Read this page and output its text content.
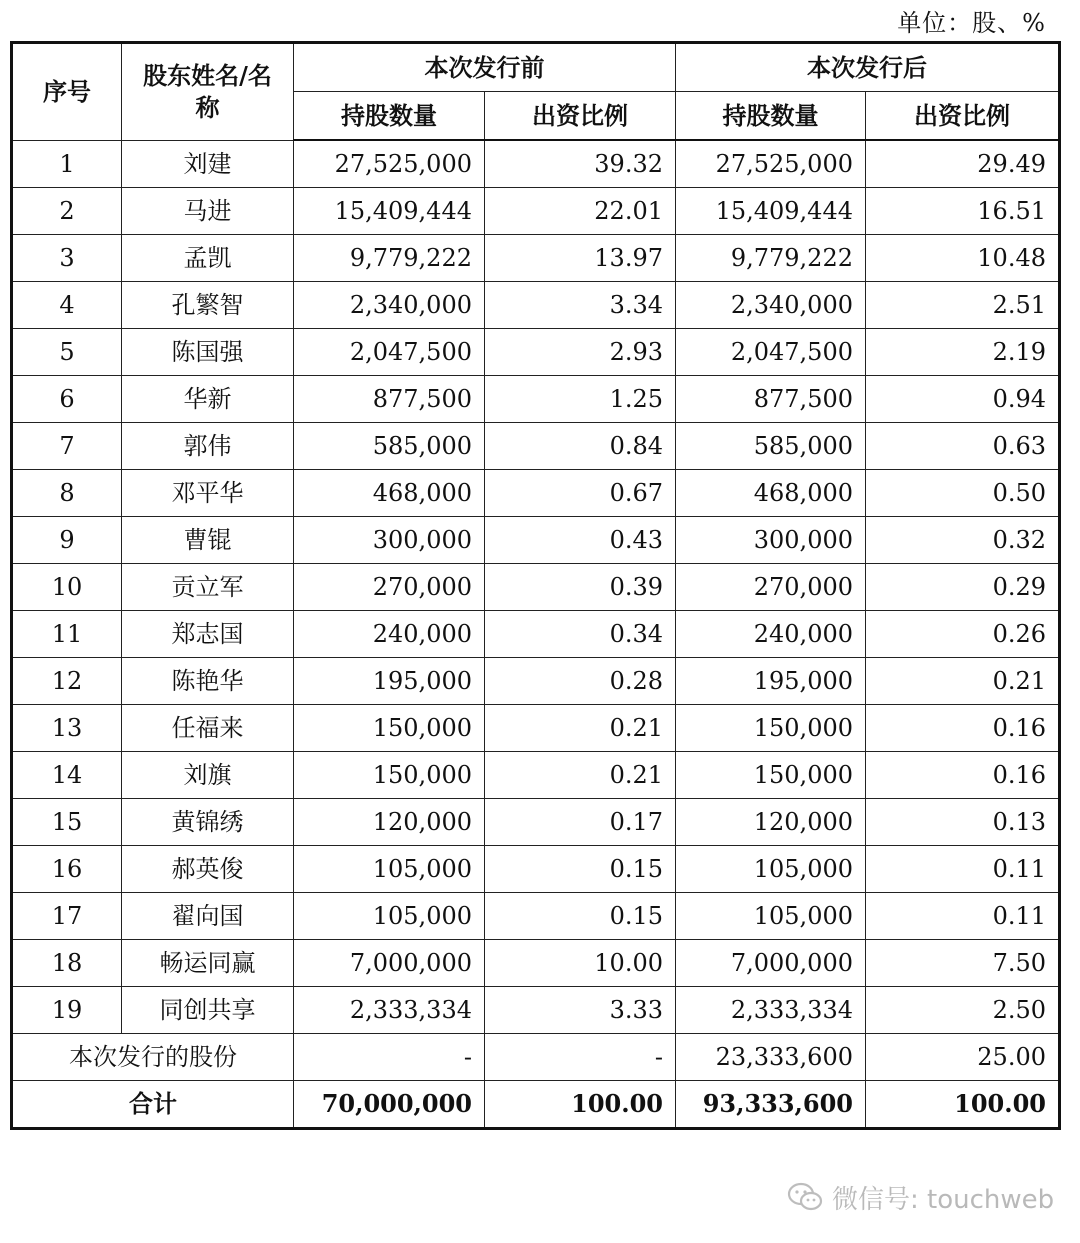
单位：股、%
序号	股东姓名/名称	本次发行前		本次发行后	
		持股数量	出资比例	持股数量	出资比例
1	刘建	27,525,000	39.32	27,525,000	29.49
2	马进	15,409,444	22.01	15,409,444	16.51
3	孟凯	9,779,222	13.97	9,779,222	10.48
4	孔繁智	2,340,000	3.34	2,340,000	2.51
5	陈国强	2,047,500	2.93	2,047,500	2.19
6	华新	877,500	1.25	877,500	0.94
7	郭伟	585,000	0.84	585,000	0.63
8	邓平华	468,000	0.67	468,000	0.50
9	曹锟	300,000	0.43	300,000	0.32
10	贡立军	270,000	0.39	270,000	0.29
11	郑志国	240,000	0.34	240,000	0.26
12	陈艳华	195,000	0.28	195,000	0.21
13	任福来	150,000	0.21	150,000	0.16
14	刘旗	150,000	0.21	150,000	0.16
15	黄锦绣	120,000	0.17	120,000	0.13
16	郝英俊	105,000	0.15	105,000	0.11
17	翟向国	105,000	0.15	105,000	0.11
18	畅运同赢	7,000,000	10.00	7,000,000	7.50
19	同创共享	2,333,334	3.33	2,333,334	2.50
本次发行的股份		-	-	23,333,600	25.00
合计		70,000,000	100.00	93,333,600	100.00
微信号: touchweb
